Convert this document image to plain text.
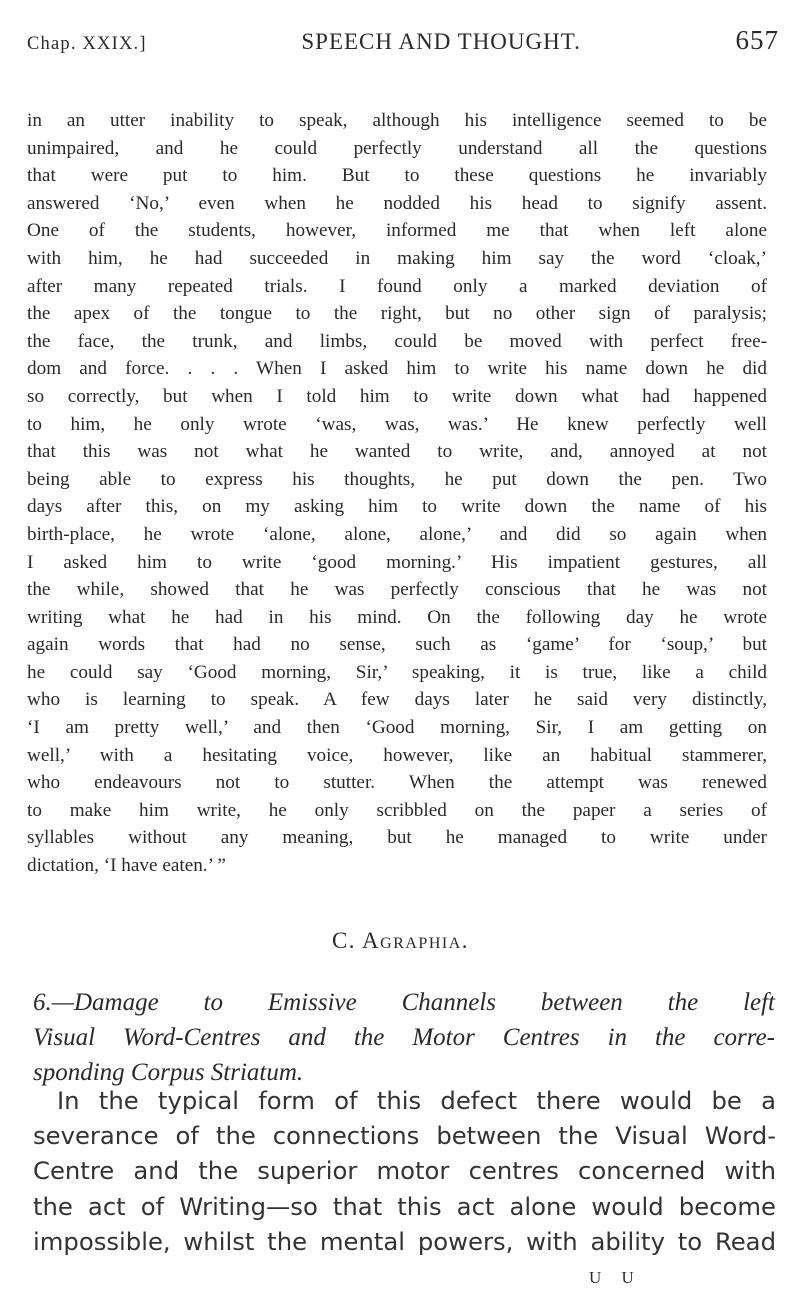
Chap. XXIX.]	SPEECH AND THOUGHT.	657
in an utter inability to speak, although his intelligence seemed to be
unimpaired, and he could perfectly understand all the questions
that were put to him. But to these questions he invariably
answered ‘No,’ even when he nodded his head to signify assent.
One of the students, however, informed me that when left alone
with him, he had succeeded in making him say the word ‘cloak,’
after many repeated trials. I found only a marked deviation of
the apex of the tongue to the right, but no other sign of paralysis;
the face, the trunk, and limbs, could be moved with perfect free-
dom and force. . . . When I asked him to write his name down he did
so correctly, but when I told him to write down what had happened
to him, he only wrote ‘was, was, was.’ He knew perfectly well
that this was not what he wanted to write, and, annoyed at not
being able to express his thoughts, he put down the pen. Two
days after this, on my asking him to write down the name of his
birth-place, he wrote ‘alone, alone, alone,’ and did so again when
I asked him to write ‘good morning.’ His impatient gestures, all
the while, showed that he was perfectly conscious that he was not
writing what he had in his mind. On the following day he wrote
again words that had no sense, such as ‘game’ for ‘soup,’ but
he could say ‘Good morning, Sir,’ speaking, it is true, like a child
who is learning to speak. A few days later he said very distinctly,
‘I am pretty well,’ and then ‘Good morning, Sir, I am getting on
well,’ with a hesitating voice, however, like an habitual stammerer,
who endeavours not to stutter. When the attempt was renewed
to make him write, he only scribbled on the paper a series of
syllables without any meaning, but he managed to write under
dictation, ‘I have eaten.’ ”
C. Agraphia.
6.—Damage to Emissive Channels between the left
Visual Word-Centres and the Motor Centres in the corre-
sponding Corpus Striatum.
In the typical form of this defect there would be a
severance of the connections between the Visual Word-
Centre and the superior motor centres concerned with
the act of Writing—so that this act alone would become
impossible, whilst the mental powers, with ability to Read
U U
